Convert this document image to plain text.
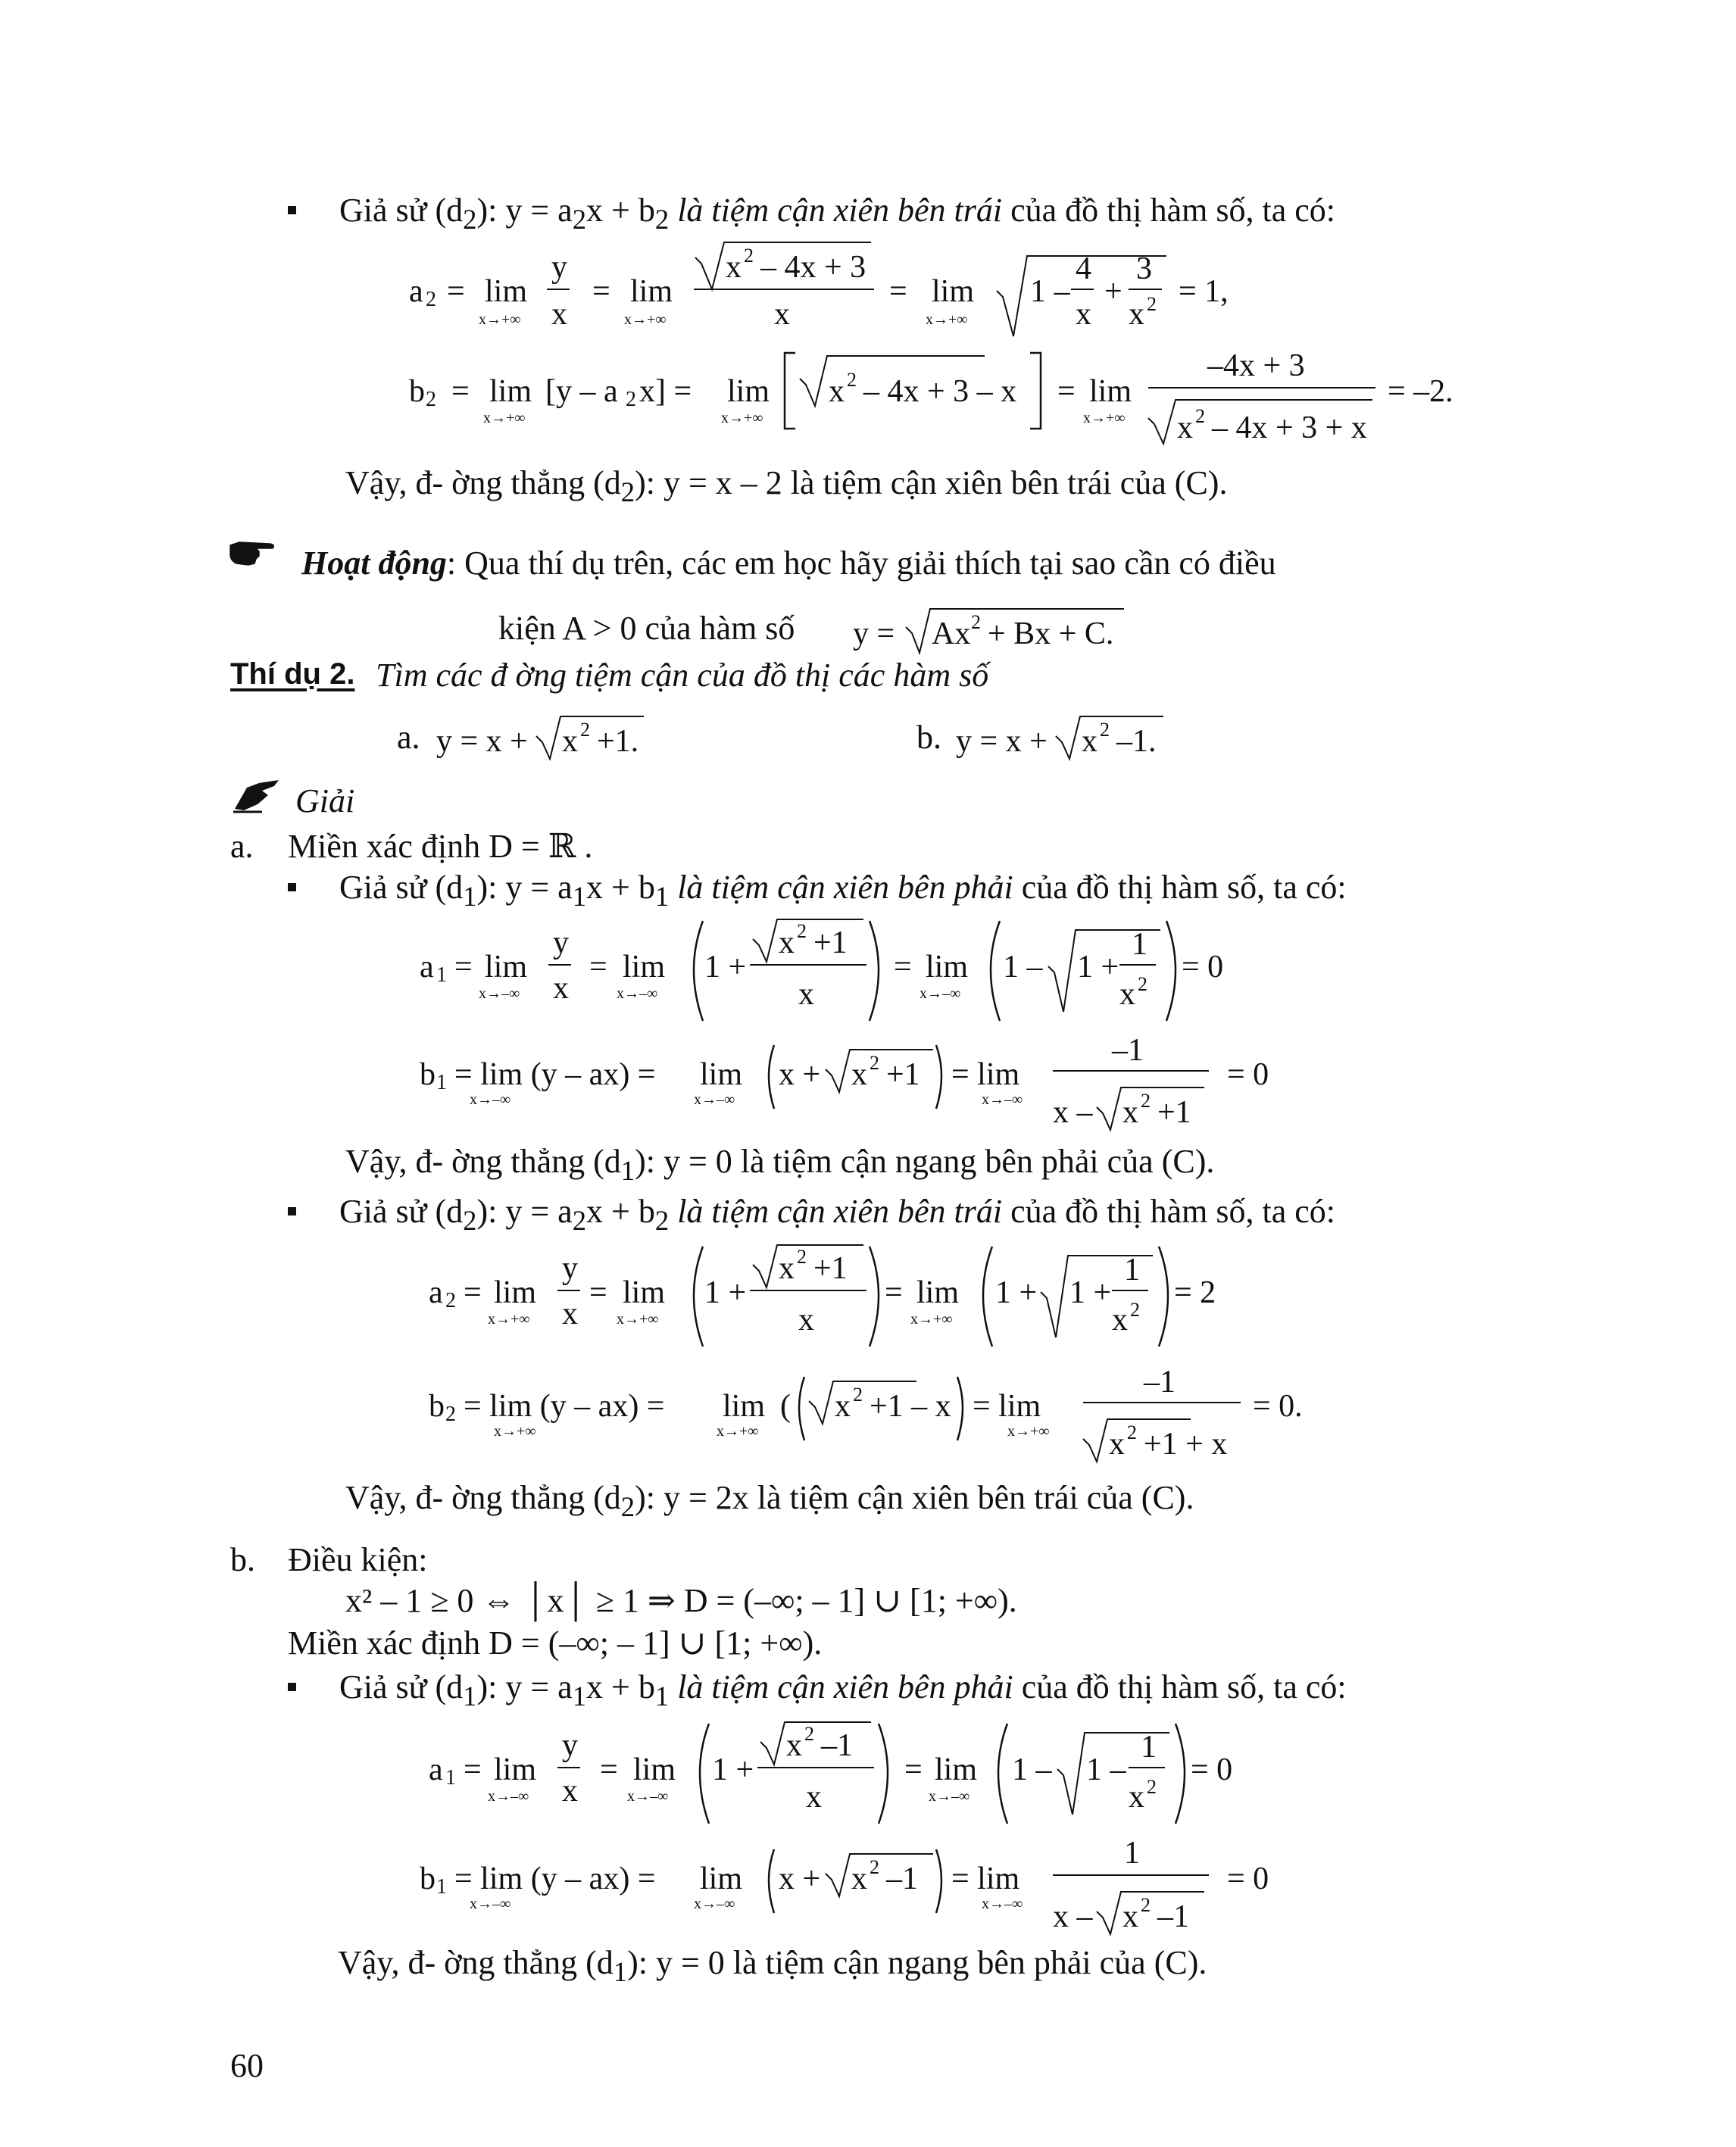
Giả sử $(d_2)$: $y = a_2x + b_2$ là tiệm cận xiên bên trái của đồ thị hàm số, ta có:
a 2 = lim
x→+∞
y
x
= lim
x→+∞
x 2 – 4x + 3
x
= lim
x→+∞
1 –
4
x
+
3
x 2 = 1,
b 2 = lim
x→+∞
[y – a 2 x] = lim
x→+∞
x 2 – 4x + 3 – x = lim
x→+∞
–4x + 3
x 2 – 4x + 3 + x
= –2.
Vậy, đ- ờng thẳng $(d_2)$: y = x – 2 là tiệm cận xiên bên trái của (C).
Hoạt động: Qua thí dụ trên, các em học hãy giải thích tại sao cần có điều
kiện A > 0 của hàm số y = Ax 2 + Bx + C.
Thí dụ 2. Tìm các đ ờng tiệm cận của đồ thị các hàm số
a.	b.
y = x + x 2 +1.	y = x + x 2 –1.
Giải
a. Miền xác định D = ℝ .
Giả sử $(d_1)$: $y = a_1x + b_1$ là tiệm cận xiên bên phải của đồ thị hàm số, ta có:
a 1 = lim
x→–∞
y
x
= lim
x→–∞
1 +
x 2 +1
x
= lim
x→–∞
1 – 1 +
1
x 2 = 0
b 1 = lim (y – ax) =
x→–∞
lim
x→–∞
x + x 2 +1 = lim
x→–∞
–1
x – x 2 +1
= 0
Vậy, đ- ờng thẳng $(d_1)$: y = 0 là tiệm cận ngang bên phải của (C).
Giả sử $(d_2)$: $y = a_2x + b_2$ là tiệm cận xiên bên trái của đồ thị hàm số, ta có:
a 2 = lim
x→+∞
y
x
= lim
x→+∞
1 +
x 2 +1
x
= lim
x→+∞
1 + 1 +
1
x 2 = 2
b 2 = lim (y – ax) =
x→+∞
lim
x→+∞
( x 2 +1 – x = lim
x→+∞
–1
x 2 +1 + x
= 0.
Vậy, đ- ờng thẳng $(d_2)$: y = 2x là tiệm cận xiên bên trái của (C).
b. Điều kiện:
x² – 1 ≥ 0 ⇔ │x│ ≥ 1 ⇒ D = (–∞; – 1] ∪ [1; +∞).
Miền xác định D = (–∞; – 1] ∪ [1; +∞).
Giả sử $(d_1)$: $y = a_1x + b_1$ là tiệm cận xiên bên phải của đồ thị hàm số, ta có:
a 1 = lim
x→–∞
y
x
= lim
x→–∞
1 +
x 2 –1
x
= lim
x→–∞
1 – 1 –
1
x 2 = 0
b 1 = lim (y – ax) =
x→–∞
lim
x→–∞
x + x 2 –1 = lim
x→–∞
1
x – x 2 –1
= 0
Vậy, đ- ờng thẳng $(d_1)$: y = 0 là tiệm cận ngang bên phải của (C).
60
